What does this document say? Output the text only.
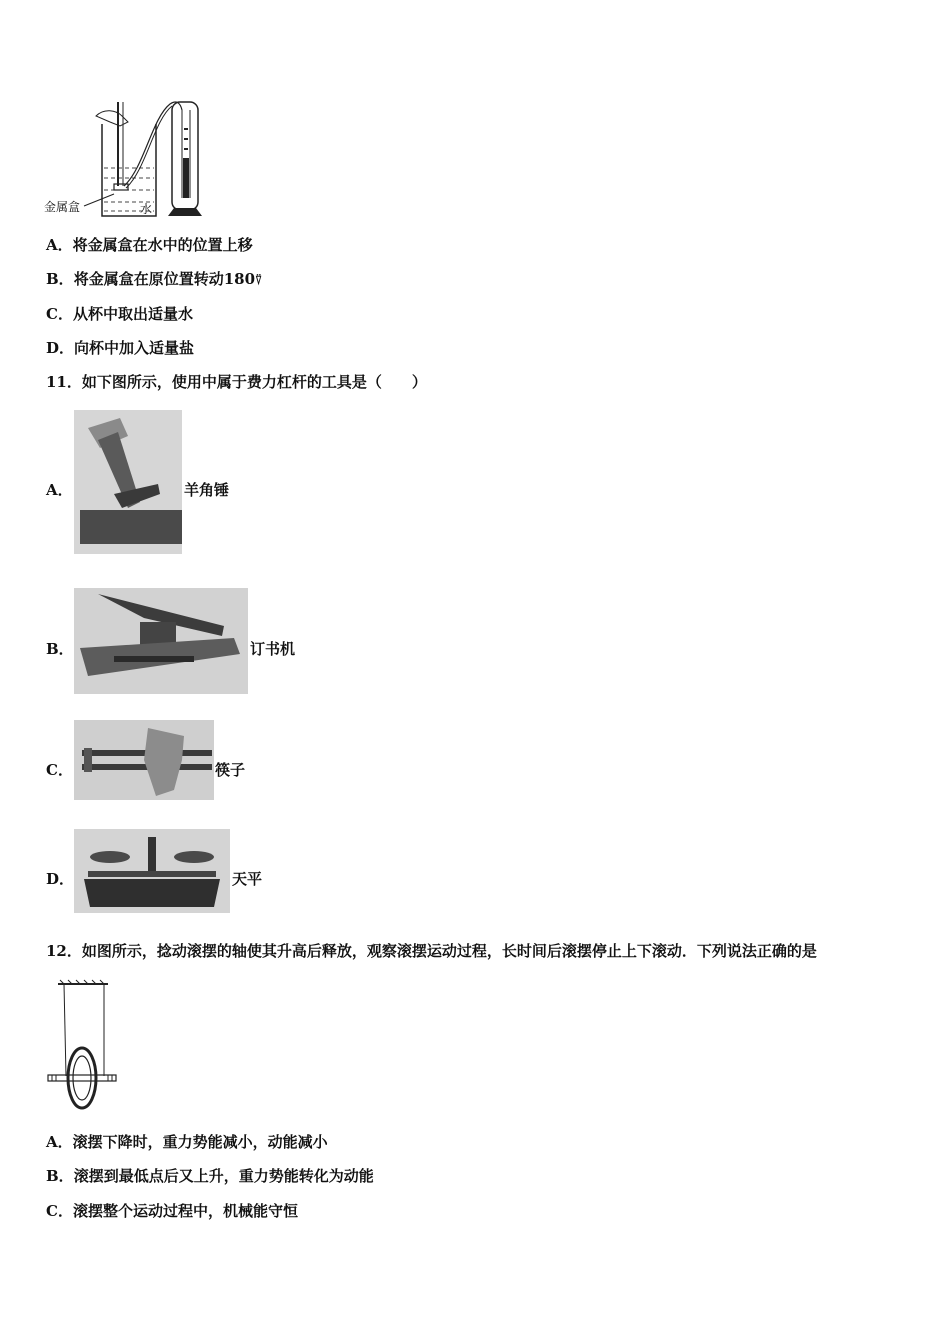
金属盒	水
A．将金属盒在水中的位置上移
B．将金属盒在原位置转动180⍢
C．从杯中取出适量水
D．向杯中加入适量盐
11．如下图所示，使用中属于费力杠杆的工具是（　　）
A．	羊角锤
B．	订书机
C．	筷子
D．	天平
12．如图所示，捻动滚摆的轴使其升高后释放，观察滚摆运动过程，长时间后滚摆停止上下滚动．下列说法正确的是
A．滚摆下降时，重力势能减小，动能减小
B．滚摆到最低点后又上升，重力势能转化为动能
C．滚摆整个运动过程中，机械能守恒
